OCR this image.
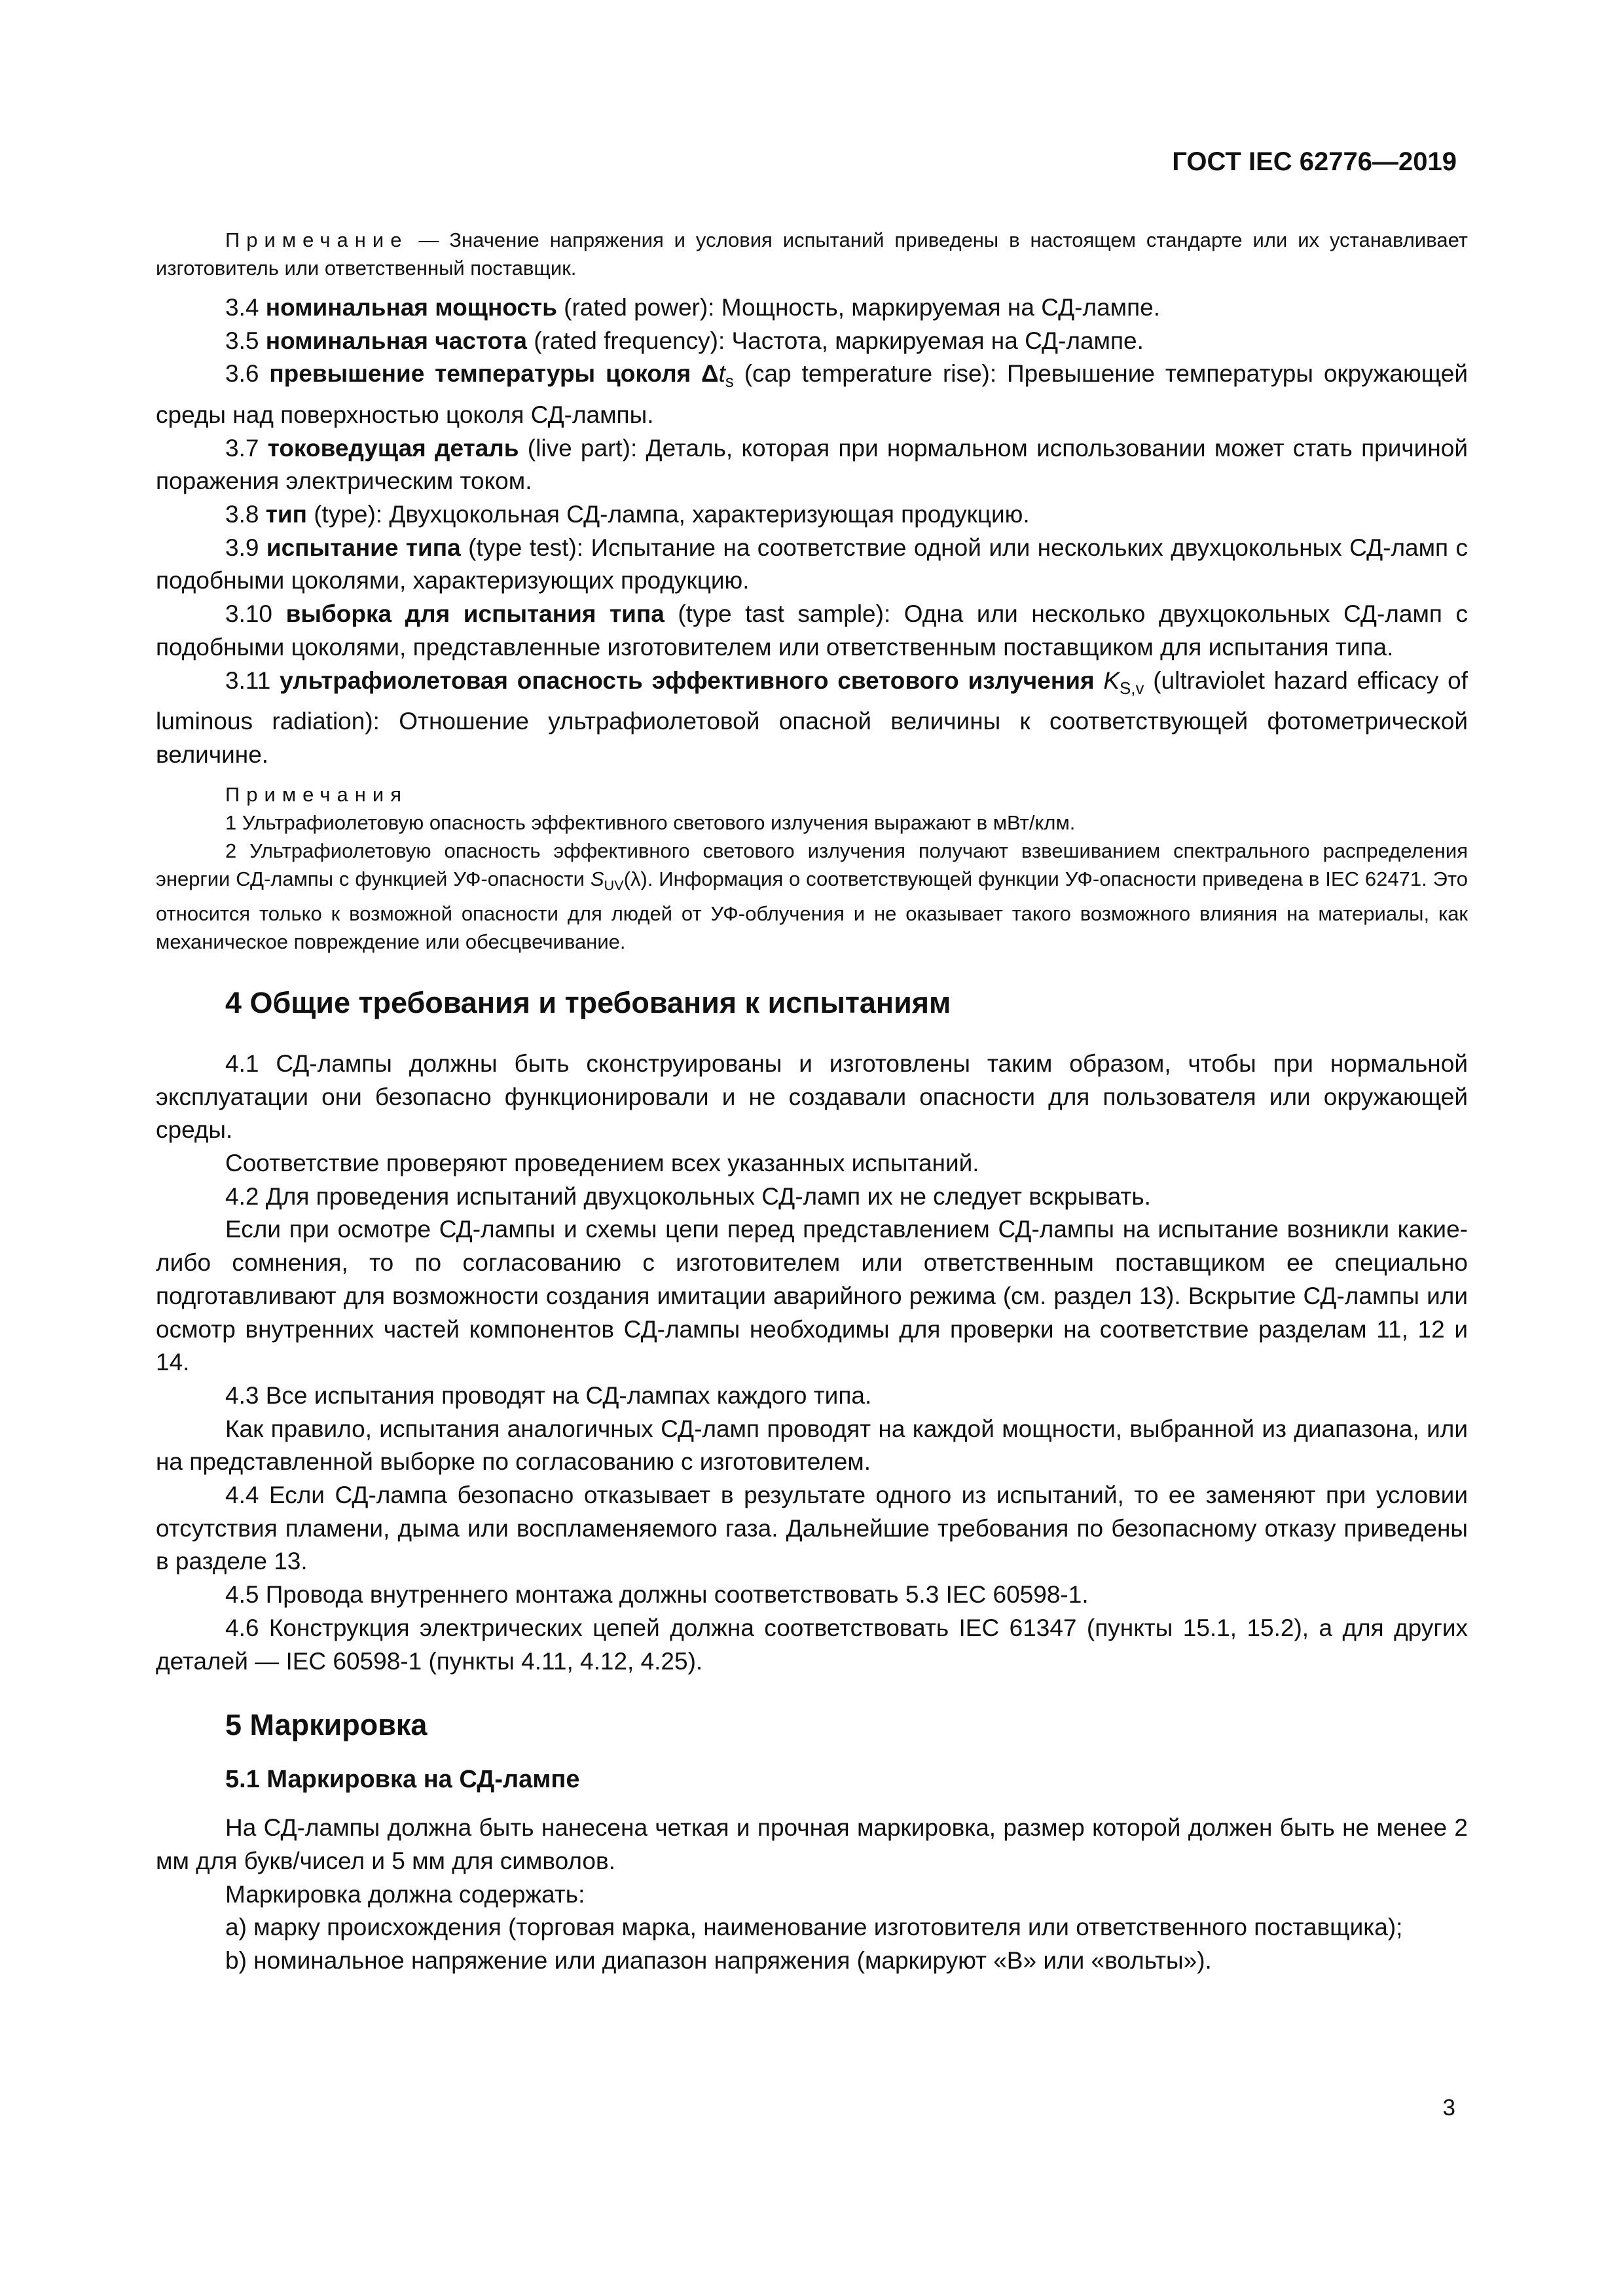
ГОСТ IEC 62776—2019

Примечание — Значение напряжения и условия испытаний приведены в настоящем стандарте или их устанавливает изготовитель или ответственный поставщик.

3.4 номинальная мощность (rated power): Мощность, маркируемая на СД-лампе.

3.5 номинальная частота (rated frequency): Частота, маркируемая на СД-лампе.

3.6 превышение температуры цоколя $\Delta t_s$ (cap temperature rise): Превышение температуры окружающей среды над поверхностью цоколя СД-лампы.

3.7 токоведущая деталь (live part): Деталь, которая при нормальном использовании может стать причиной поражения электрическим током.

3.8 тип (type): Двухцокольная СД-лампа, характеризующая продукцию.

3.9 испытание типа (type test): Испытание на соответствие одной или нескольких двухцокольных СД-ламп с подобными цоколями, характеризующих продукцию.

3.10 выборка для испытания типа (type tast sample): Одна или несколько двухцокольных СД-ламп с подобными цоколями, представленные изготовителем или ответственным поставщиком для испытания типа.

3.11 ультрафиолетовая опасность эффективного светового излучения $K_{S,v}$ (ultraviolet hazard efficacy of luminous radiation): Отношение ультрафиолетовой опасной величины к соответствующей фотометрической величине.

Примечания

1 Ультрафиолетовую опасность эффективного светового излучения выражают в мВт/клм.

2 Ультрафиолетовую опасность эффективного светового излучения получают взвешиванием спектрального распределения энергии СД-лампы с функцией УФ-опасности $S_{UV}(\lambda)$. Информация о соответствующей функции УФ-опасности приведена в IEC 62471. Это относится только к возможной опасности для людей от УФ-облучения и не оказывает такого возможного влияния на материалы, как механическое повреждение или обесцвечивание.

4 Общие требования и требования к испытаниям

4.1 СД-лампы должны быть сконструированы и изготовлены таким образом, чтобы при нормальной эксплуатации они безопасно функционировали и не создавали опасности для пользователя или окружающей среды.

Соответствие проверяют проведением всех указанных испытаний.

4.2 Для проведения испытаний двухцокольных СД-ламп их не следует вскрывать.

Если при осмотре СД-лампы и схемы цепи перед представлением СД-лампы на испытание возникли какие-либо сомнения, то по согласованию с изготовителем или ответственным поставщиком ее специально подготавливают для возможности создания имитации аварийного режима (см. раздел 13). Вскрытие СД-лампы или осмотр внутренних частей компонентов СД-лампы необходимы для проверки на соответствие разделам 11, 12 и 14.

4.3 Все испытания проводят на СД-лампах каждого типа.

Как правило, испытания аналогичных СД-ламп проводят на каждой мощности, выбранной из диапазона, или на представленной выборке по согласованию с изготовителем.

4.4 Если СД-лампа безопасно отказывает в результате одного из испытаний, то ее заменяют при условии отсутствия пламени, дыма или воспламеняемого газа. Дальнейшие требования по безопасному отказу приведены в разделе 13.

4.5 Провода внутреннего монтажа должны соответствовать 5.3 IEC 60598-1.

4.6 Конструкция электрических цепей должна соответствовать IEC 61347 (пункты 15.1, 15.2), а для других деталей — IEC 60598-1 (пункты 4.11, 4.12, 4.25).

5 Маркировка
5.1 Маркировка на СД-лампе

На СД-лампы должна быть нанесена четкая и прочная маркировка, размер которой должен быть не менее 2 мм для букв/чисел и 5 мм для символов.

Маркировка должна содержать:

a) марку происхождения (торговая марка, наименование изготовителя или ответственного поставщика);

b) номинальное напряжение или диапазон напряжения (маркируют «В» или «вольты»).

3
